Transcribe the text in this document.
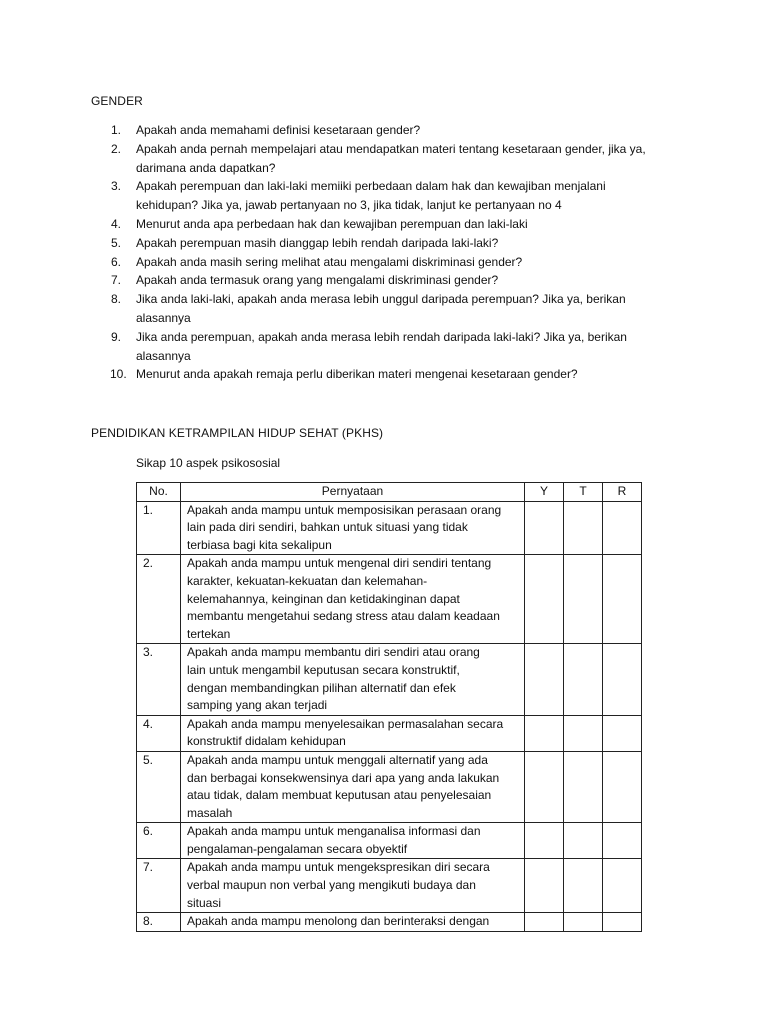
GENDER
1.	Apakah anda memahami definisi kesetaraan gender?
2.	Apakah anda pernah mempelajari atau mendapatkan materi tentang kesetaraan gender, jika ya,
darimana anda dapatkan?
3.	Apakah perempuan dan laki-laki memiiki perbedaan dalam hak dan kewajiban menjalani
kehidupan? Jika ya, jawab pertanyaan no 3, jika tidak, lanjut ke pertanyaan no 4
4.	Menurut anda apa perbedaan hak dan kewajiban perempuan dan laki-laki
5.	Apakah perempuan masih dianggap lebih rendah daripada laki-laki?
6.	Apakah anda masih sering melihat atau mengalami diskriminasi gender?
7.	Apakah anda termasuk orang yang mengalami diskriminasi gender?
8.	Jika anda laki-laki, apakah anda merasa lebih unggul daripada perempuan? Jika ya, berikan
alasannya
9.	Jika anda perempuan, apakah anda merasa lebih rendah daripada laki-laki? Jika ya, berikan
alasannya
10. Menurut anda apakah remaja perlu diberikan materi mengenai kesetaraan gender?
PENDIDIKAN KETRAMPILAN HIDUP SEHAT (PKHS)
Sikap 10 aspek psikososial
No.	Pernyataan	Y	T	R
1.	Apakah anda mampu untuk memposisikan perasaan orang
lain pada diri sendiri, bahkan untuk situasi yang tidak
terbiasa bagi kita sekalipun			

2.	Apakah anda mampu untuk mengenal diri sendiri tentang
karakter, kekuatan-kekuatan dan kelemahan-
kelemahannya, keinginan dan ketidakinginan dapat
membantu mengetahui sedang stress atau dalam keadaan
tertekan			

3.	Apakah anda mampu membantu diri sendiri atau orang
lain untuk mengambil keputusan secara konstruktif,
dengan membandingkan pilihan alternatif dan efek
samping yang akan terjadi			

4.	Apakah anda mampu menyelesaikan permasalahan secara
konstruktif didalam kehidupan			

5.	Apakah anda mampu untuk menggali alternatif yang ada
dan berbagai konsekwensinya dari apa yang anda lakukan
atau tidak, dalam membuat keputusan atau penyelesaian
masalah			

6.	Apakah anda mampu untuk menganalisa informasi dan
pengalaman-pengalaman secara obyektif			

7.	Apakah anda mampu untuk mengekspresikan diri secara
verbal maupun non verbal yang mengikuti budaya dan
situasi			

8.	Apakah anda mampu menolong dan berinteraksi dengan			
